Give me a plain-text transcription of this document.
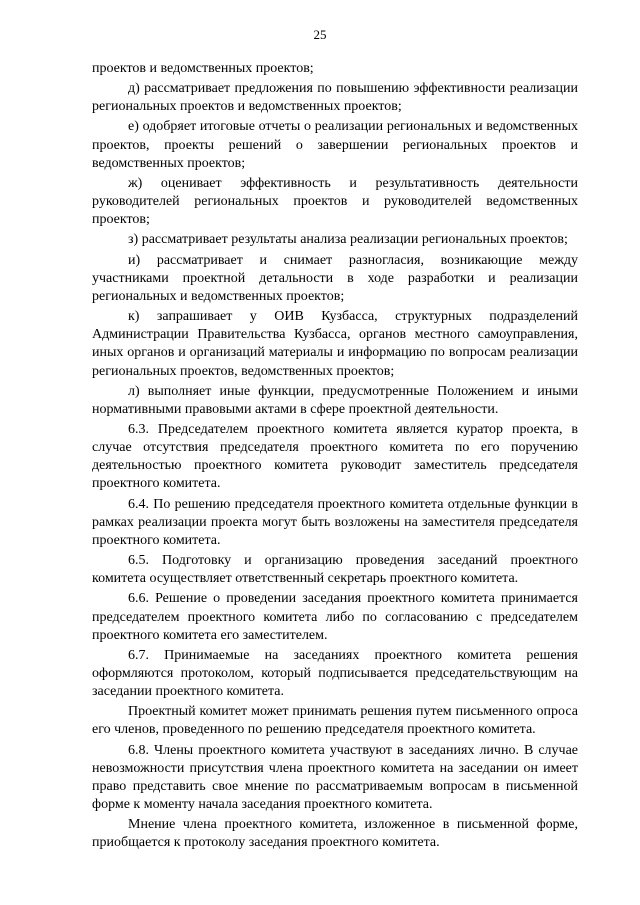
25

проектов и ведомственных проектов;

д) рассматривает предложения по повышению эффективности реализации региональных проектов и ведомственных проектов;

е) одобряет итоговые отчеты о реализации региональных и ведомственных проектов, проекты решений о завершении региональных проектов и ведомственных проектов;

ж) оценивает эффективность и результативность деятельности руководителей региональных проектов и руководителей ведомственных проектов;

з) рассматривает результаты анализа реализации региональных проектов;

и) рассматривает и снимает разногласия, возникающие между участниками проектной детальности в ходе разработки и реализации региональных и ведомственных проектов;

к) запрашивает у ОИВ Кузбасса, структурных подразделений Администрации Правительства Кузбасса, органов местного самоуправления, иных органов и организаций материалы и информацию по вопросам реализации региональных проектов, ведомственных проектов;

л) выполняет иные функции, предусмотренные Положением и иными нормативными правовыми актами в сфере проектной деятельности.

6.3. Председателем проектного комитета является куратор проекта, в случае отсутствия председателя проектного комитета по его поручению деятельностью проектного комитета руководит заместитель председателя проектного комитета.

6.4. По решению председателя проектного комитета отдельные функции в рамках реализации проекта могут быть возложены на заместителя председателя проектного комитета.

6.5. Подготовку и организацию проведения заседаний проектного комитета осуществляет ответственный секретарь проектного комитета.

6.6. Решение о проведении заседания проектного комитета принимается председателем проектного комитета либо по согласованию с председателем проектного комитета его заместителем.

6.7. Принимаемые на заседаниях проектного комитета решения оформляются протоколом, который подписывается председательствующим на заседании проектного комитета.

Проектный комитет может принимать решения путем письменного опроса его членов, проведенного по решению председателя проектного комитета.

6.8. Члены проектного комитета участвуют в заседаниях лично. В случае невозможности присутствия члена проектного комитета на заседании он имеет право представить свое мнение по рассматриваемым вопросам в письменной форме к моменту начала заседания проектного комитета.

Мнение члена проектного комитета, изложенное в письменной форме, приобщается к протоколу заседания проектного комитета.
